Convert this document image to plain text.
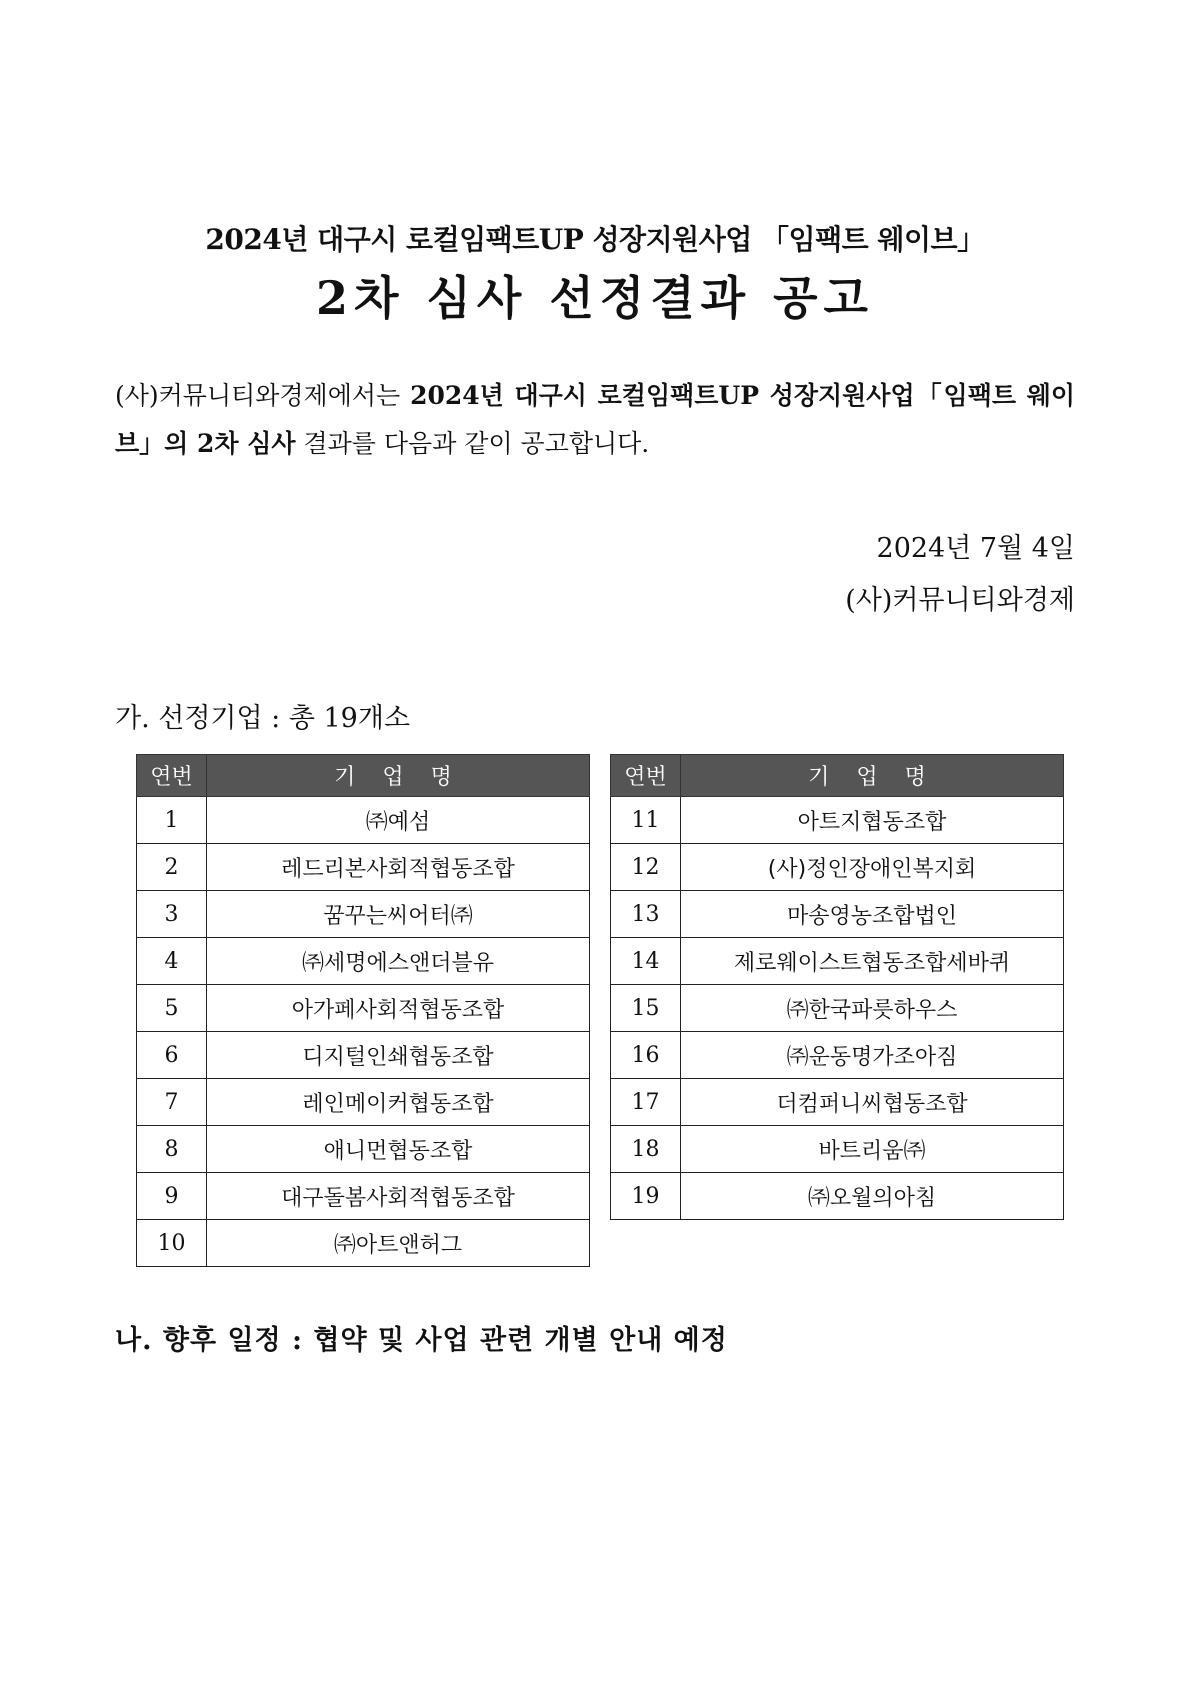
2024년 대구시 로컬임팩트UP 성장지원사업 「임팩트 웨이브」
2차 심사 선정결과 공고
(사)커뮤니티와경제에서는 2024년 대구시 로컬임팩트UP 성장지원사업「임팩트 웨이브」의 2차 심사 결과를 다음과 같이 공고합니다.
2024년 7월 4일
(사)커뮤니티와경제
가. 선정기업 : 총 19개소
연번	기 업 명
1	㈜예섬
2	레드리본사회적협동조합
3	꿈꾸는씨어터㈜
4	㈜세명에스앤더블유
5	아가페사회적협동조합
6	디지털인쇄협동조합
7	레인메이커협동조합
8	애니먼협동조합
9	대구돌봄사회적협동조합
10	㈜아트앤허그
연번	기 업 명
11	아트지협동조합
12	(사)정인장애인복지회
13	마송영농조합법인
14	제로웨이스트협동조합세바퀴
15	㈜한국파릇하우스
16	㈜운동명가조아짐
17	더컴퍼니씨협동조합
18	바트리움㈜
19	㈜오월의아침
나. 향후 일정 : 협약 및 사업 관련 개별 안내 예정
